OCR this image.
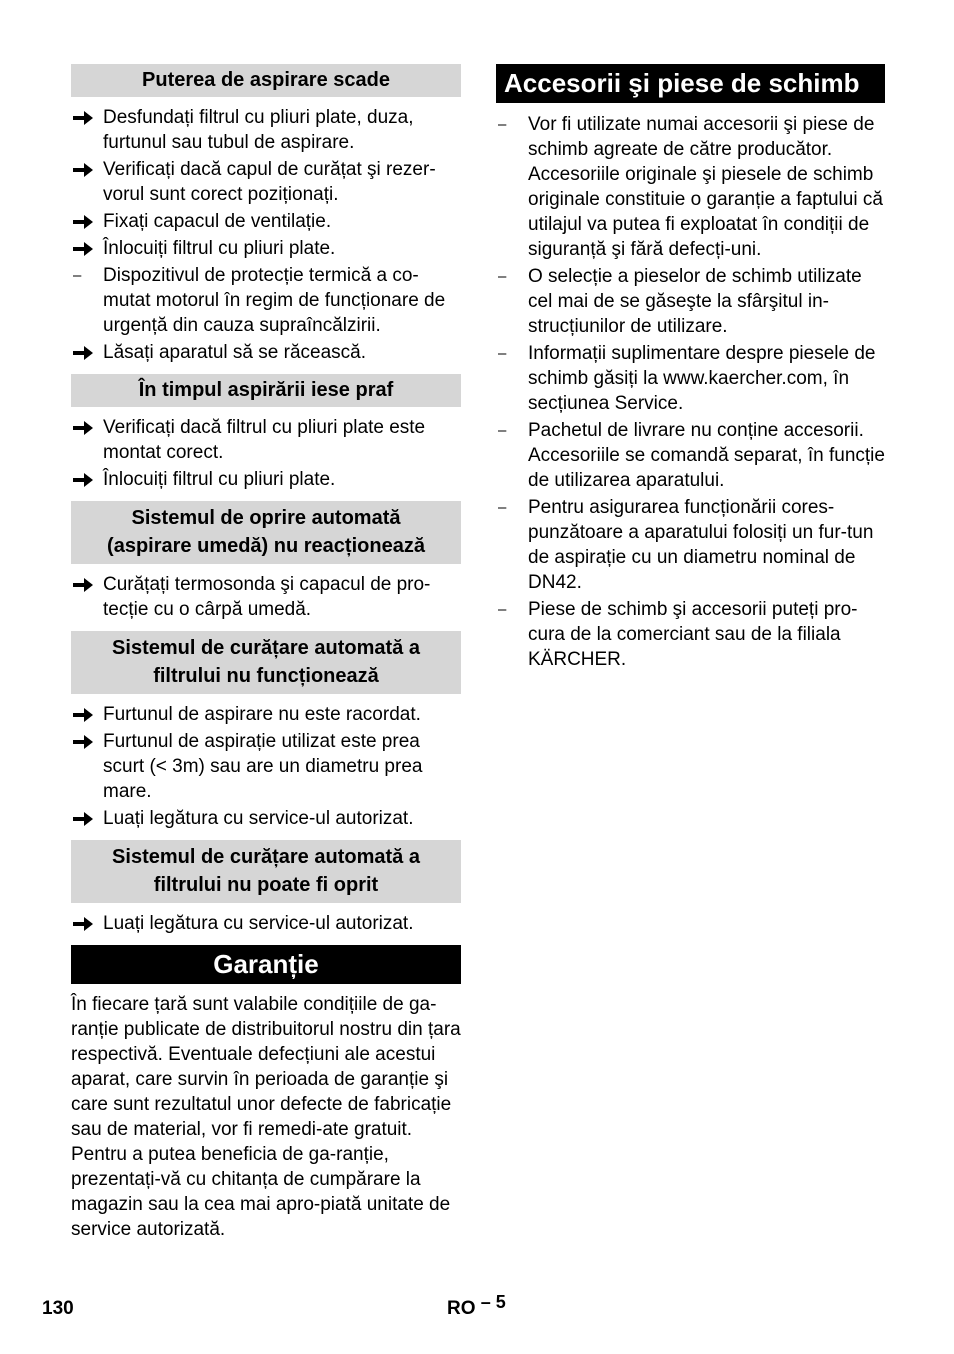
Puterea de aspirare scade
Desfundați filtrul cu pliuri plate, duza, furtunul sau tubul de aspirare.
Verificați dacă capul de curățat şi rezer-vorul sunt corect poziționați.
Fixați capacul de ventilație.
Înlocuiți filtrul cu pliuri plate.
–	Dispozitivul de protecție termică a co-mutat motorul în regim de funcționare de urgență din cauza supraîncălzirii.
Lăsați aparatul să se răcească.
În timpul aspirării iese praf
Verificați dacă filtrul cu pliuri plate este montat corect.
Înlocuiți filtrul cu pliuri plate.
Sistemul de oprire automată
(aspirare umedă) nu reacționează
Curățați termosonda şi capacul de pro-tecție cu o cârpă umedă.
Sistemul de curățare automată a
filtrului nu funcționează
Furtunul de aspirare nu este racordat.
Furtunul de aspirație utilizat este prea scurt (< 3m) sau are un diametru prea mare.
Luați legătura cu service-ul autorizat.
Sistemul de curățare automată a
filtrului nu poate fi oprit
Luați legătura cu service-ul autorizat.
Garanție

În fiecare țară sunt valabile condițiile de ga-ranție publicate de distribuitorul nostru din țara respectivă. Eventuale defecțiuni ale acestui aparat, care survin în perioada de garanție şi care sunt rezultatul unor defecte de fabricație sau de material, vor fi remedi-ate gratuit. Pentru a putea beneficia de ga-ranție, prezentați-vă cu chitanța de cumpărare la magazin sau la cea mai apro-piată unitate de service autorizată.

Accesorii şi piese de schimb
–	Vor fi utilizate numai accesorii şi piese de schimb agreate de către producător. Accesoriile originale şi piesele de schimb originale constituie o garanție a faptului că utilajul va putea fi exploatat în condiții de siguranță şi fără defecți-uni.
–	O selecție a pieselor de schimb utilizate cel mai de se găseşte la sfârşitul in-strucțiunilor de utilizare.
–	Informații suplimentare despre piesele de schimb găsiți la www.kaercher.com, în secțiunea Service.
–	Pachetul de livrare nu conține accesorii. Accesoriile se comandă separat, în funcție de utilizarea aparatului.
–	Pentru asigurarea funcționării cores-punzătoare a aparatului folosiți un fur-tun de aspirație cu un diametru nominal de DN42.
–	Piese de schimb şi accesorii puteți pro-cura de la comerciant sau de la filiala KÄRCHER.
130	RO – 5
